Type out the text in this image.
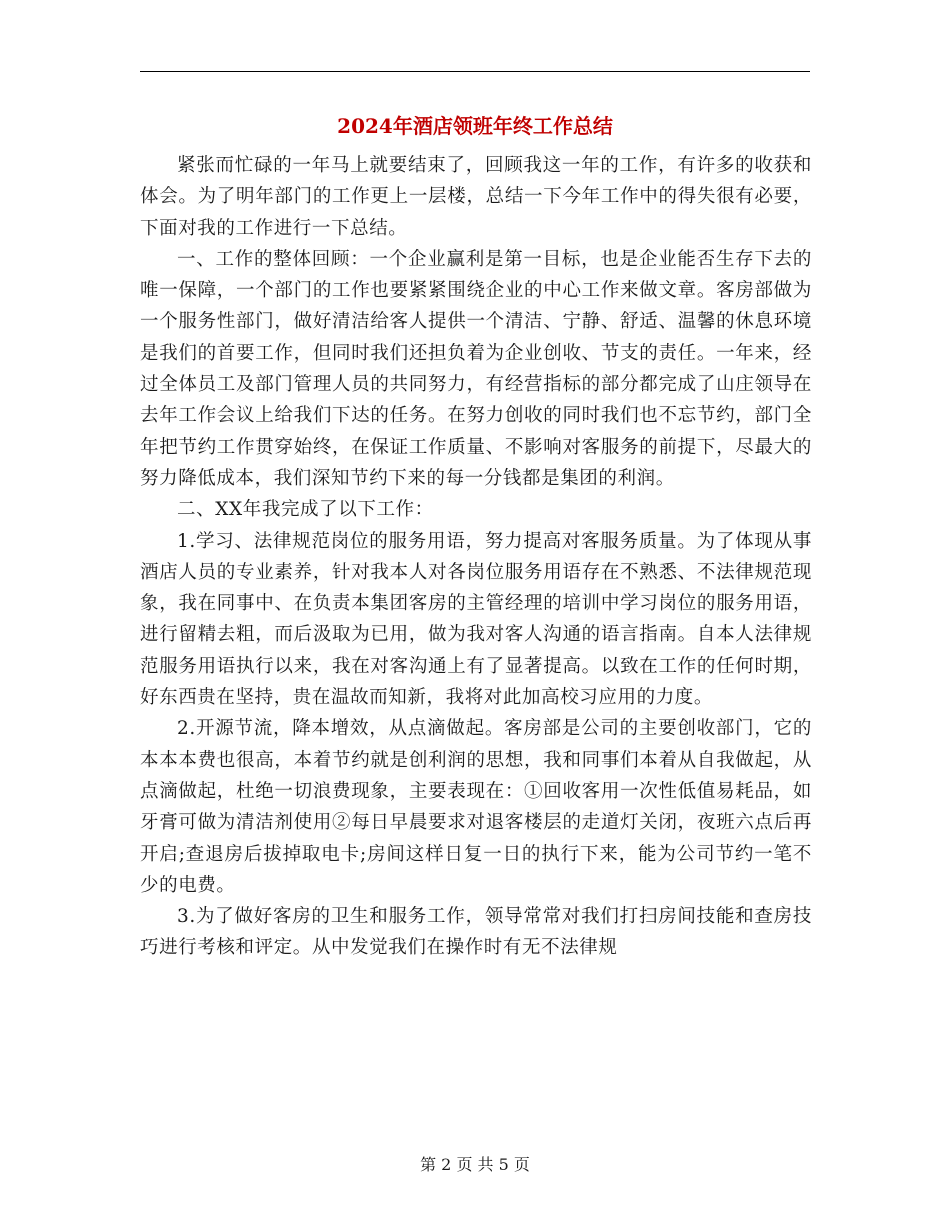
2024年酒店领班年终工作总结

紧张而忙碌的一年马上就要结束了，回顾我这一年的工作，有许多的收获和体会。为了明年部门的工作更上一层楼，总结一下今年工作中的得失很有必要，下面对我的工作进行一下总结。

一、工作的整体回顾：一个企业赢利是第一目标，也是企业能否生存下去的唯一保障，一个部门的工作也要紧紧围绕企业的中心工作来做文章。客房部做为一个服务性部门，做好清洁给客人提供一个清洁、宁静、舒适、温馨的休息环境是我们的首要工作，但同时我们还担负着为企业创收、节支的责任。一年来，经过全体员工及部门管理人员的共同努力，有经营指标的部分都完成了山庄领导在去年工作会议上给我们下达的任务。在努力创收的同时我们也不忘节约，部门全年把节约工作贯穿始终，在保证工作质量、不影响对客服务的前提下，尽最大的努力降低成本，我们深知节约下来的每一分钱都是集团的利润。

二、XX年我完成了以下工作：

1.学习、法律规范岗位的服务用语，努力提高对客服务质量。为了体现从事酒店人员的专业素养，针对我本人对各岗位服务用语存在不熟悉、不法律规范现象，我在同事中、在负责本集团客房的主管经理的培训中学习岗位的服务用语，进行留精去粗，而后汲取为已用，做为我对客人沟通的语言指南。自本人法律规范服务用语执行以来，我在对客沟通上有了显著提高。以致在工作的任何时期，好东西贵在坚持，贵在温故而知新，我将对此加高校习应用的力度。

2.开源节流，降本增效，从点滴做起。客房部是公司的主要创收部门，它的本本本费也很高，本着节约就是创利润的思想，我和同事们本着从自我做起，从点滴做起，杜绝一切浪费现象，主要表现在：①回收客用一次性低值易耗品，如牙膏可做为清洁剂使用②每日早晨要求对退客楼层的走道灯关闭，夜班六点后再开启;查退房后拔掉取电卡;房间这样日复一日的执行下来，能为公司节约一笔不少的电费。

3.为了做好客房的卫生和服务工作，领导常常对我们打扫房间技能和查房技巧进行考核和评定。从中发觉我们在操作时有无不法律规

第 2 页 共 5 页
